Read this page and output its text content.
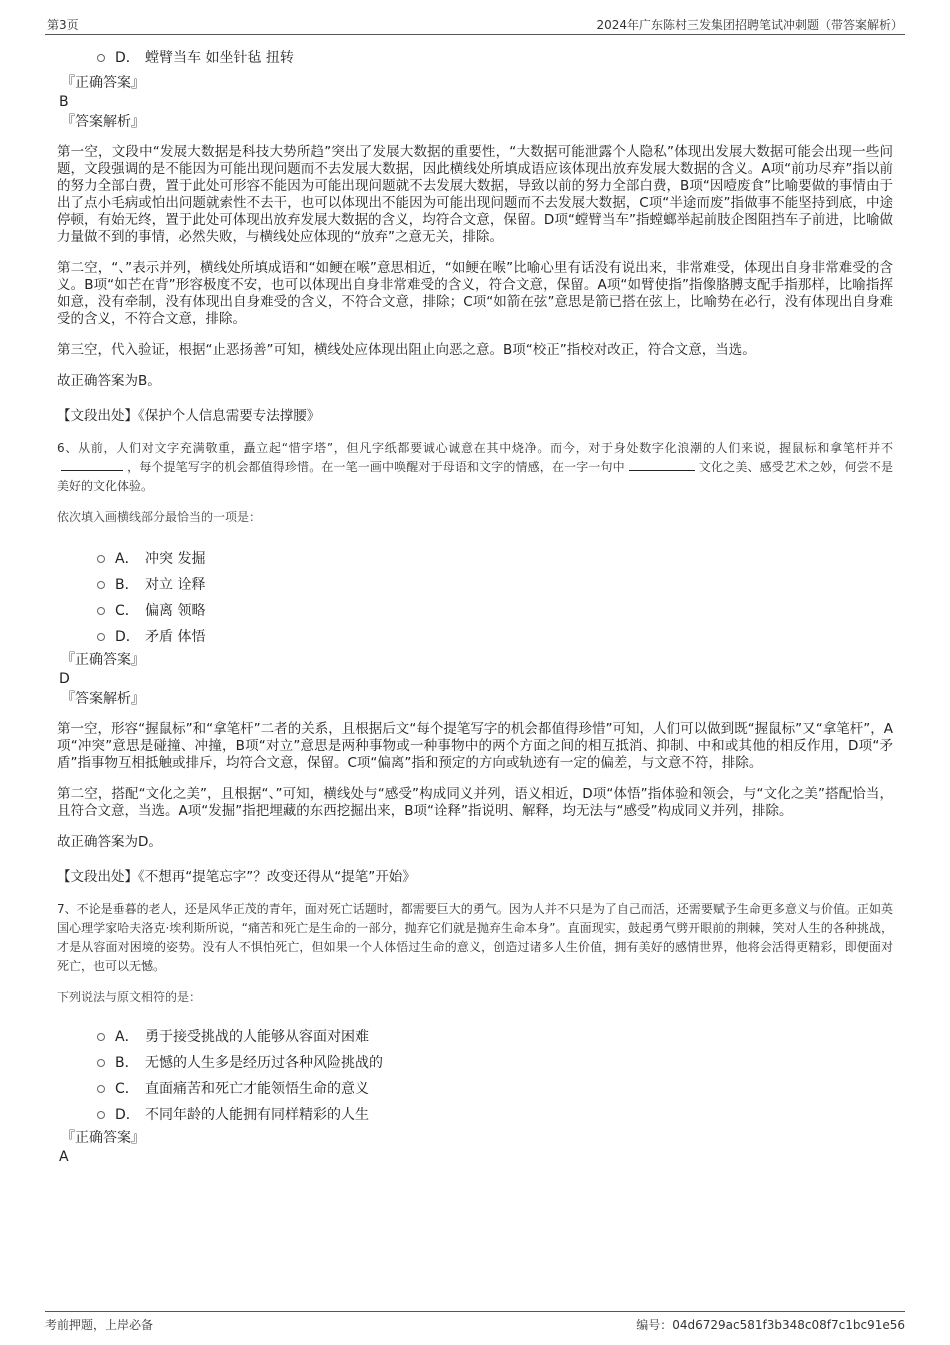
第3页	2024年广东陈村三发集团招聘笔试冲刺题（带答案解析）
D． 螳臂当车 如坐针毡 扭转
『正确答案』
B
『答案解析』

第一空，文段中“发展大数据是科技大势所趋”突出了发展大数据的重要性，“大数据可能泄露个人隐私”体现出发展大数据可能会出现一些问题，文段强调的是不能因为可能出现问题而不去发展大数据，因此横线处所填成语应该体现出放弃发展大数据的含义。A项“前功尽弃”指以前的努力全部白费，置于此处可形容不能因为可能出现问题就不去发展大数据，导致以前的努力全部白费，B项“因噎废食”比喻要做的事情由于出了点小毛病或怕出问题就索性不去干，也可以体现出不能因为可能出现问题而不去发展大数据，C项“半途而废”指做事不能坚持到底，中途停顿，有始无终，置于此处可体现出放弃发展大数据的含义，均符合文意，保留。D项“螳臂当车”指螳螂举起前肢企图阻挡车子前进，比喻做力量做不到的事情，必然失败，与横线处应体现的“放弃”之意无关，排除。

第二空，“、”表示并列，横线处所填成语和“如鲠在喉”意思相近，“如鲠在喉”比喻心里有话没有说出来，非常难受，体现出自身非常难受的含义。B项“如芒在背”形容极度不安，也可以体现出自身非常难受的含义，符合文意，保留。A项“如臂使指”指像胳膊支配手指那样，比喻指挥如意，没有牵制，没有体现出自身难受的含义，不符合文意，排除；C项“如箭在弦”意思是箭已搭在弦上，比喻势在必行，没有体现出自身难受的含义，不符合文意，排除。

第三空，代入验证，根据“止恶扬善”可知，横线处应体现出阻止向恶之意。B项“校正”指校对改正，符合文意，当选。

故正确答案为B。

【文段出处】《保护个人信息需要专法撑腰》
6、从前，人们对文字充满敬重，矗立起“惜字塔”，但凡字纸都要诚心诚意在其中烧净。而今，对于身处数字化浪潮的人们来说，握鼠标和拿笔杆并不，每个提笔写字的机会都值得珍惜。在一笔一画中唤醒对于母语和文字的情感，在一字一句中	文化之美、感受艺术之妙，何尝不是美好的文化体验。
依次填入画横线部分最恰当的一项是：
A． 冲突 发掘
B． 对立 诠释
C． 偏离 领略
D． 矛盾 体悟
『正确答案』
D
『答案解析』

第一空，形容“握鼠标”和“拿笔杆”二者的关系，且根据后文“每个提笔写字的机会都值得珍惜”可知，人们可以做到既“握鼠标”又“拿笔杆”，A项“冲突”意思是碰撞、冲撞，B项“对立”意思是两种事物或一种事物中的两个方面之间的相互抵消、抑制、中和或其他的相反作用，D项“矛盾”指事物互相抵触或排斥，均符合文意，保留。C项“偏离”指和预定的方向或轨迹有一定的偏差，与文意不符，排除。

第二空，搭配“文化之美”，且根据“、”可知，横线处与“感受”构成同义并列，语义相近，D项“体悟”指体验和领会，与“文化之美”搭配恰当，且符合文意，当选。A项“发掘”指把埋藏的东西挖掘出来，B项“诠释”指说明、解释，均无法与“感受”构成同义并列，排除。

故正确答案为D。

【文段出处】《不想再“提笔忘字”？改变还得从“提笔”开始》
7、不论是垂暮的老人，还是风华正茂的青年，面对死亡话题时，都需要巨大的勇气。因为人并不只是为了自己而活，还需要赋予生命更多意义与价值。正如英国心理学家哈夫洛克·埃利斯所说，“痛苦和死亡是生命的一部分，抛弃它们就是抛弃生命本身”。直面现实，鼓起勇气劈开眼前的荆棘，笑对人生的各种挑战，才是从容面对困境的姿势。没有人不惧怕死亡，但如果一个人体悟过生命的意义，创造过诸多人生价值，拥有美好的感情世界，他将会活得更精彩，即便面对死亡，也可以无憾。
下列说法与原文相符的是：
A． 勇于接受挑战的人能够从容面对困难
B． 无憾的人生多是经历过各种风险挑战的
C． 直面痛苦和死亡才能领悟生命的意义
D． 不同年龄的人能拥有同样精彩的人生
『正确答案』
A
考前押题，上岸必备	编号：04d6729ac581f3b348c08f7c1bc91e56
